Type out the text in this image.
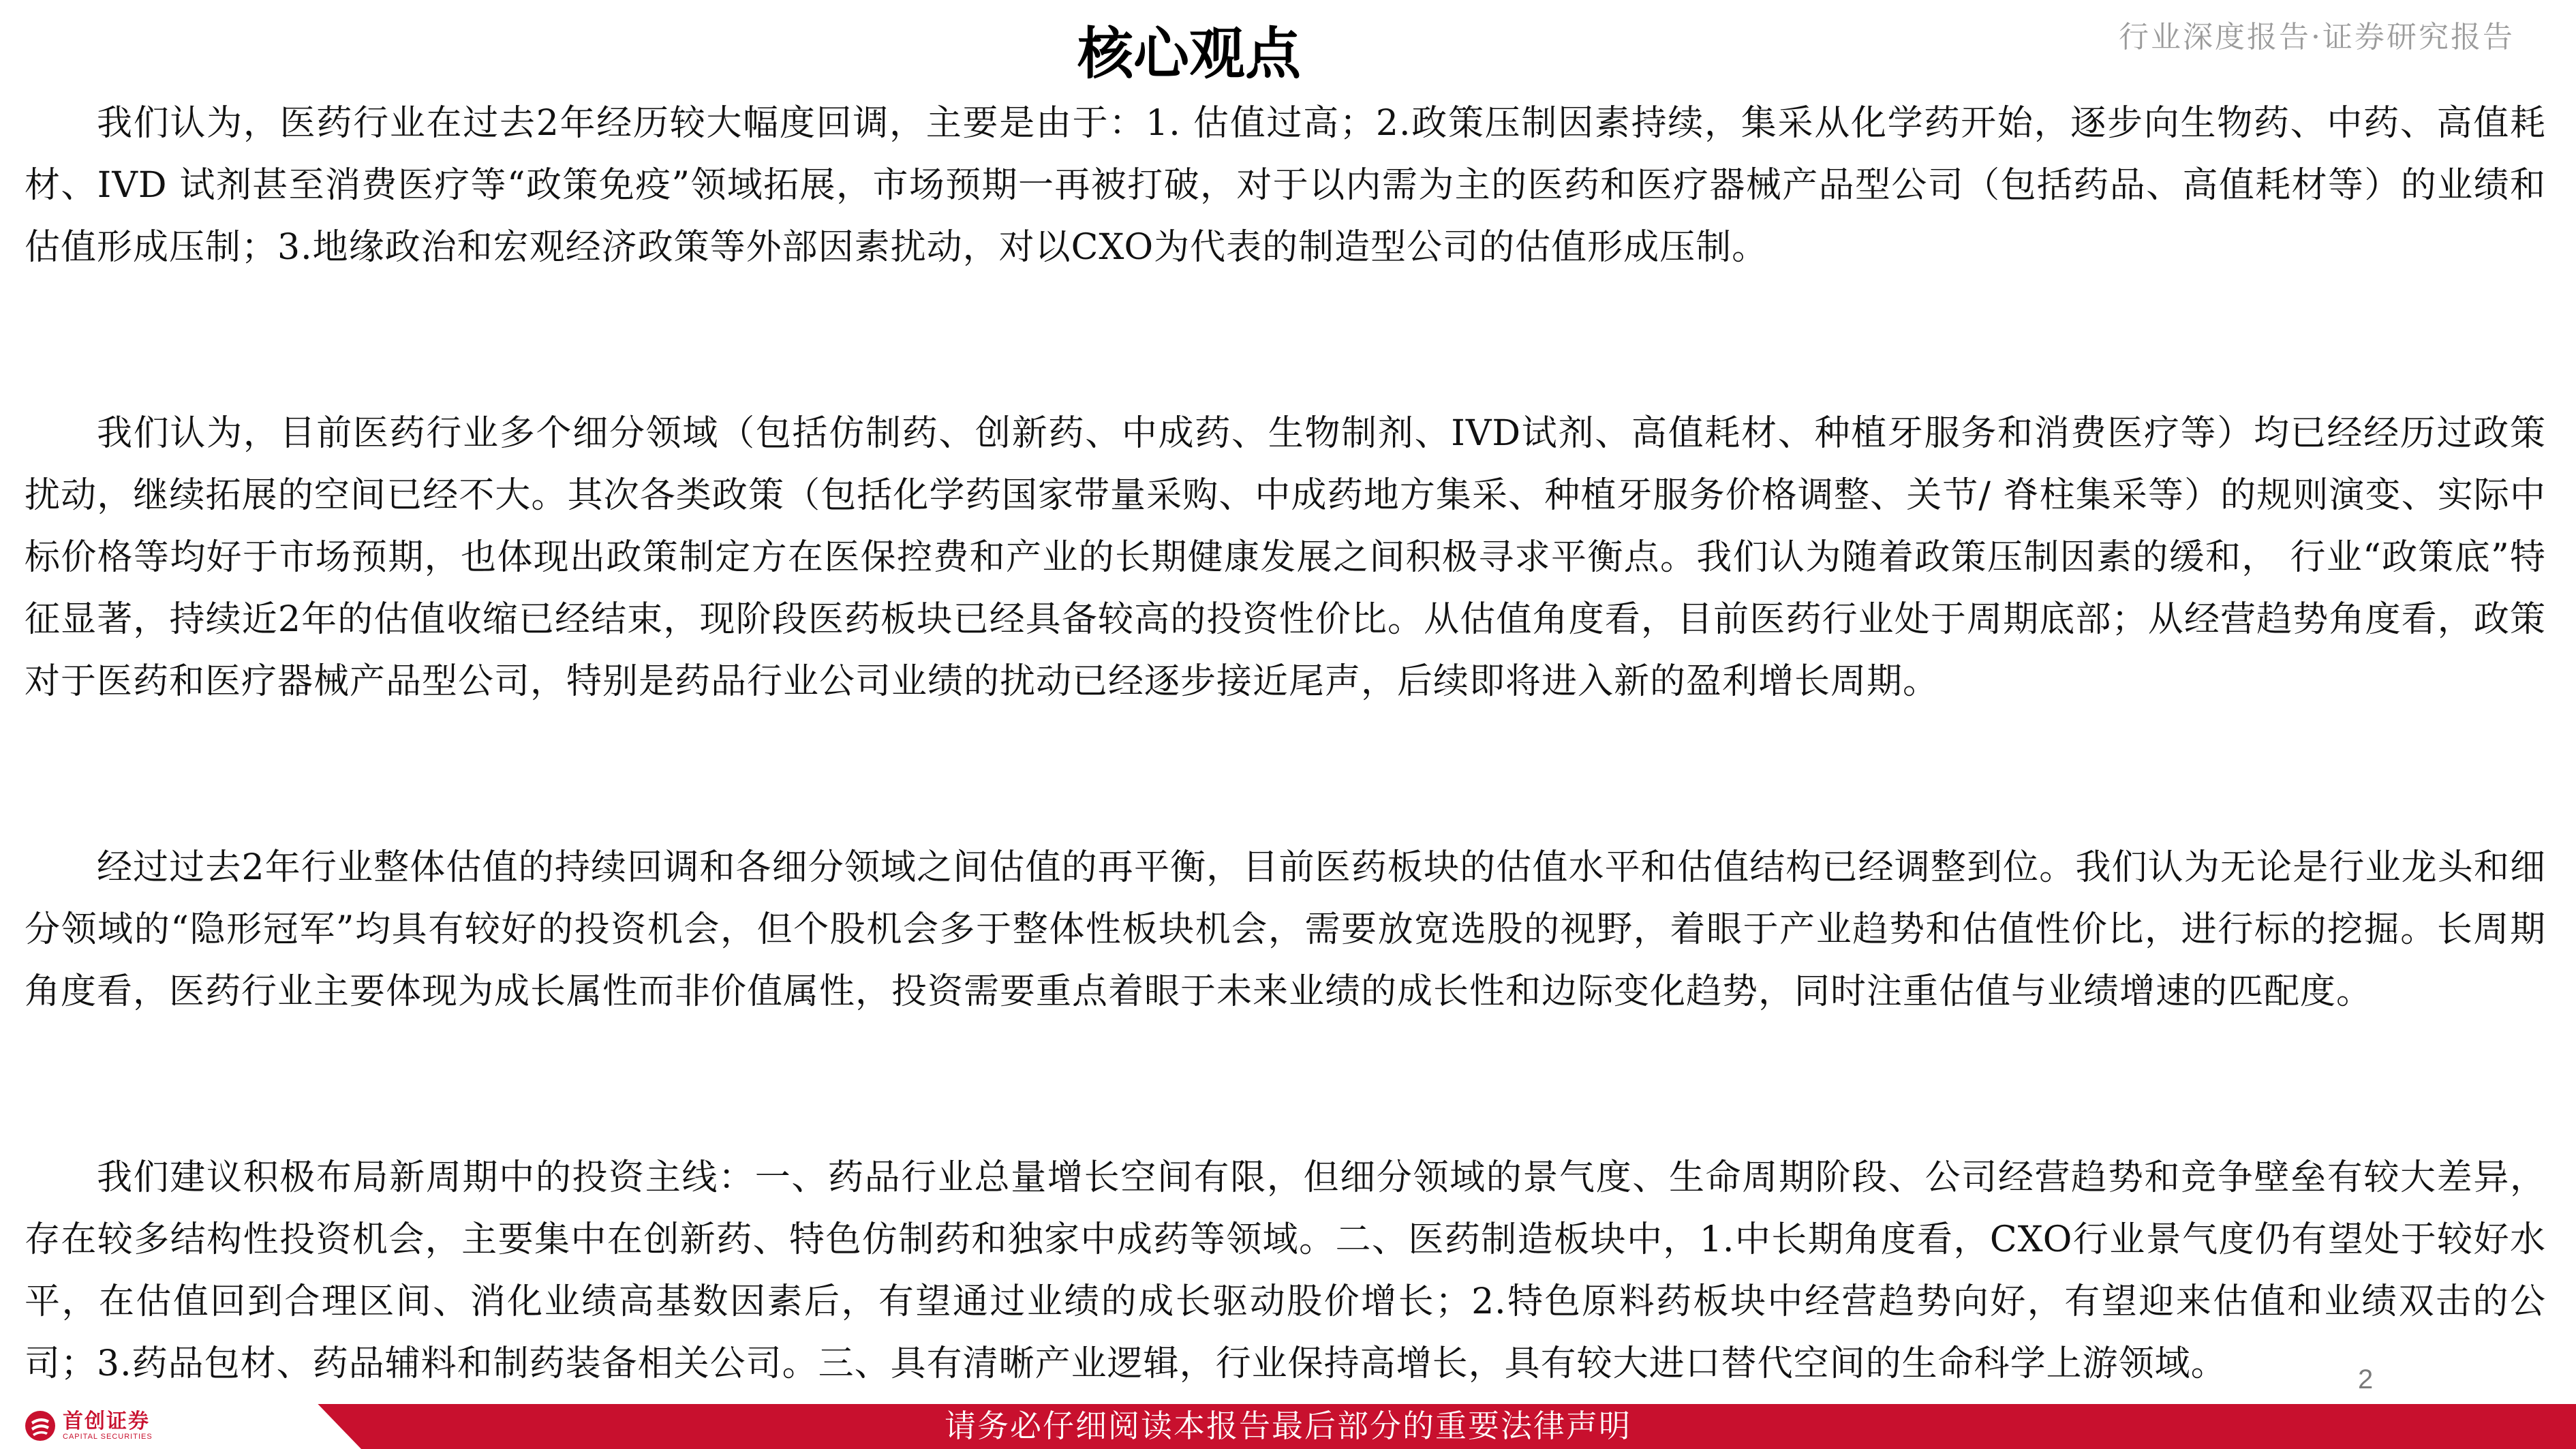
行业深度报告·证券研究报告
核心观点

我们认为，医药行业在过去2年经历较大幅度回调，主要是由于：1. 估值过高；2.政策压制因素持续，集采从化学药开始，逐步向生物药、中药、高值耗材、IVD 试剂甚至消费医疗等“政策免疫”领域拓展，市场预期一再被打破，对于以内需为主的医药和医疗器械产品型公司（包括药品、高值耗材等）的业绩和估值形成压制；3.地缘政治和宏观经济政策等外部因素扰动，对以CXO为代表的制造型公司的估值形成压制。

我们认为，目前医药行业多个细分领域（包括仿制药、创新药、中成药、生物制剂、IVD试剂、高值耗材、种植牙服务和消费医疗等）均已经经历过政策扰动，继续拓展的空间已经不大。其次各类政策（包括化学药国家带量采购、中成药地方集采、种植牙服务价格调整、关节/ 脊柱集采等）的规则演变、实际中标价格等均好于市场预期，也体现出政策制定方在医保控费和产业的长期健康发展之间积极寻求平衡点。我们认为随着政策压制因素的缓和， 行业“政策底”特征显著，持续近2年的估值收缩已经结束，现阶段医药板块已经具备较高的投资性价比。从估值角度看，目前医药行业处于周期底部；从经营趋势角度看，政策对于医药和医疗器械产品型公司，特别是药品行业公司业绩的扰动已经逐步接近尾声，后续即将进入新的盈利增长周期。

经过过去2年行业整体估值的持续回调和各细分领域之间估值的再平衡，目前医药板块的估值水平和估值结构已经调整到位。我们认为无论是行业龙头和细分领域的“隐形冠军”均具有较好的投资机会，但个股机会多于整体性板块机会，需要放宽选股的视野，着眼于产业趋势和估值性价比，进行标的挖掘。长周期角度看，医药行业主要体现为成长属性而非价值属性，投资需要重点着眼于未来业绩的成长性和边际变化趋势，同时注重估值与业绩增速的匹配度。

我们建议积极布局新周期中的投资主线：一、药品行业总量增长空间有限，但细分领域的景气度、生命周期阶段、公司经营趋势和竞争壁垒有较大差异，存在较多结构性投资机会，主要集中在创新药、特色仿制药和独家中成药等领域。二、医药制造板块中，1.中长期角度看，CXO行业景气度仍有望处于较好水平，在估值回到合理区间、消化业绩高基数因素后，有望通过业绩的成长驱动股价增长；2.特色原料药板块中经营趋势向好，有望迎来估值和业绩双击的公司；3.药品包材、药品辅料和制药装备相关公司。三、具有清晰产业逻辑，行业保持高增长，具有较大进口替代空间的生命科学上游领域。	2
首创证券
CAPITAL SECURITIES	请务必仔细阅读本报告最后部分的重要法律声明
